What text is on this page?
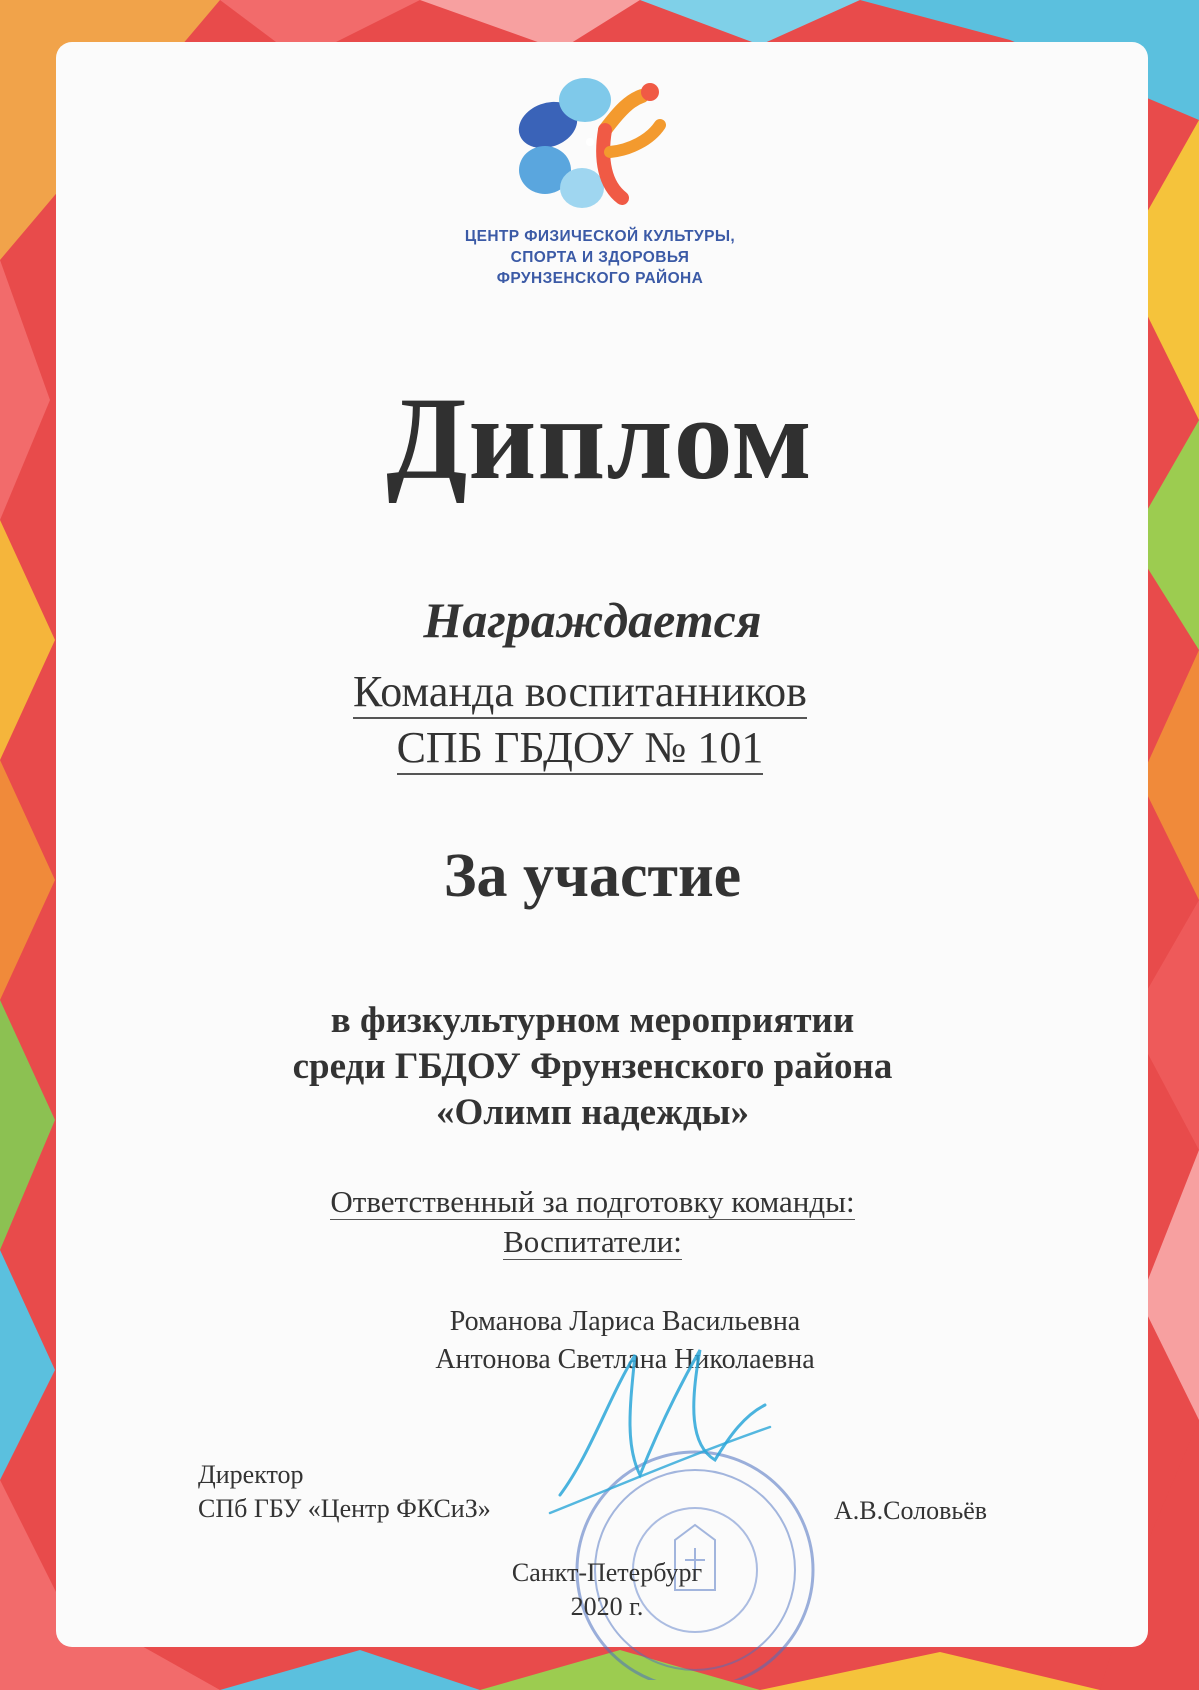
ЦЕНТР ФИЗИЧЕСКОЙ КУЛЬТУРЫ,
СПОРТА И ЗДОРОВЬЯ
ФРУНЗЕНСКОГО РАЙОНА
Диплом
Награждается
Команда воспитанников
СПБ ГБДОУ № 101
За участие
в физкультурном мероприятии
среди ГБДОУ Фрунзенского района
«Олимп надежды»
Ответственный за подготовку команды:
Воспитатели:
Романова Лариса Васильевна
Антонова Светлана Николаевна
Директор
СПб ГБУ «Центр ФКСиЗ»	А.В.Соловьёв
Санкт-Петербург
2020 г.
